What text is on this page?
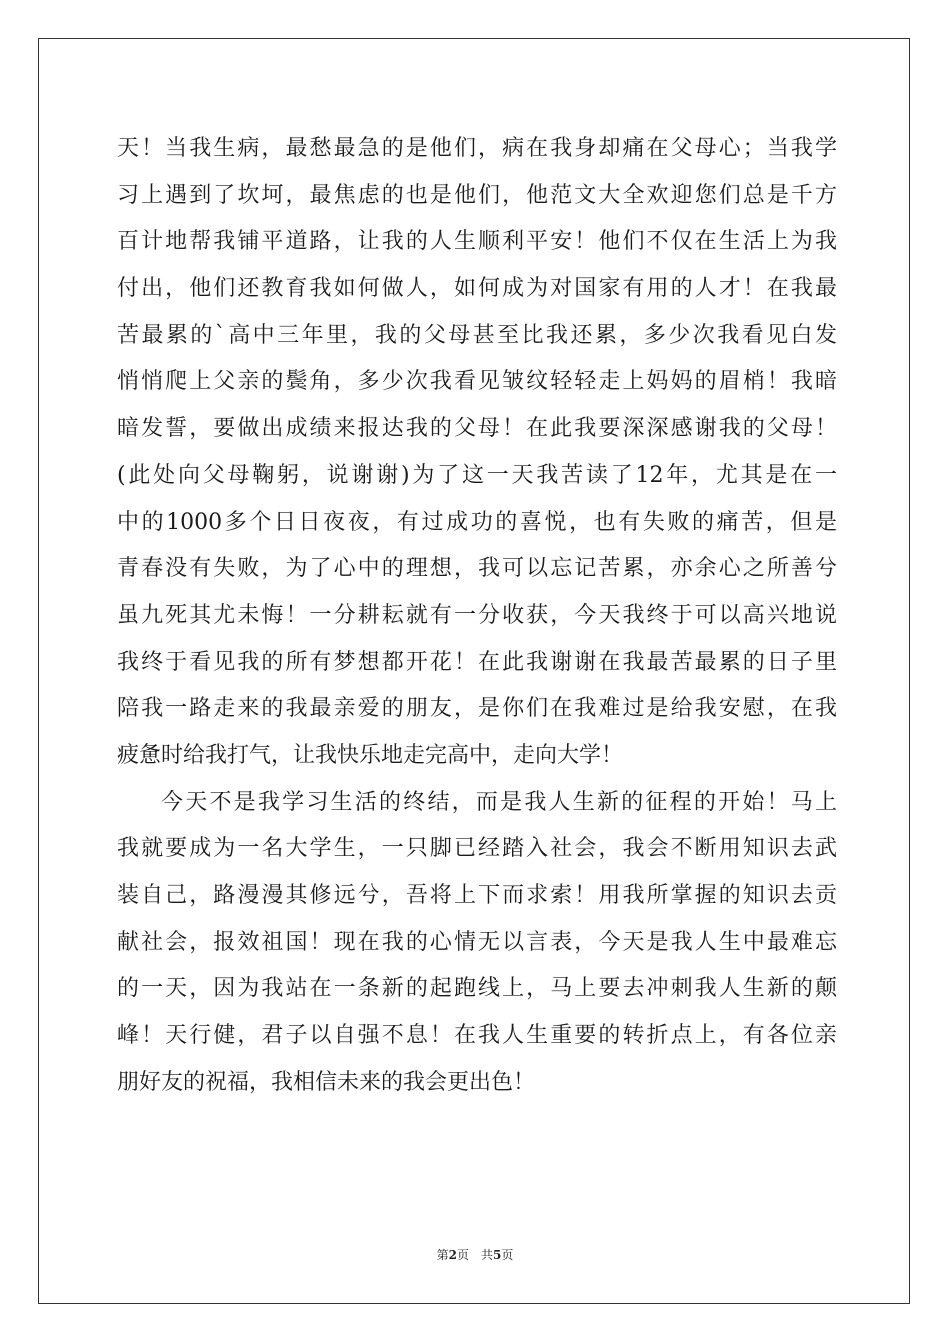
天！当我生病，最愁最急的是他们，病在我身却痛在父母心；当我学
习上遇到了坎坷，最焦虑的也是他们，他范文大全欢迎您们总是千方
百计地帮我铺平道路，让我的人生顺利平安！他们不仅在生活上为我
付出，他们还教育我如何做人，如何成为对国家有用的人才！在我最
苦最累的`高中三年里，我的父母甚至比我还累，多少次我看见白发
悄悄爬上父亲的鬓角，多少次我看见皱纹轻轻走上妈妈的眉梢！我暗
暗发誓，要做出成绩来报达我的父母！在此我要深深感谢我的父母！
(此处向父母鞠躬，说谢谢)为了这一天我苦读了12年，尤其是在一
中的1000多个日日夜夜，有过成功的喜悦，也有失败的痛苦，但是
青春没有失败，为了心中的理想，我可以忘记苦累，亦余心之所善兮
虽九死其尤未悔！一分耕耘就有一分收获，今天我终于可以高兴地说
我终于看见我的所有梦想都开花！在此我谢谢在我最苦最累的日子里
陪我一路走来的我最亲爱的朋友，是你们在我难过是给我安慰，在我
疲惫时给我打气，让我快乐地走完高中，走向大学！
今天不是我学习生活的终结，而是我人生新的征程的开始！马上
我就要成为一名大学生，一只脚已经踏入社会，我会不断用知识去武
装自己，路漫漫其修远兮，吾将上下而求索！用我所掌握的知识去贡
献社会，报效祖国！现在我的心情无以言表，今天是我人生中最难忘
的一天，因为我站在一条新的起跑线上，马上要去冲刺我人生新的颠
峰！天行健，君子以自强不息！在我人生重要的转折点上，有各位亲
朋好友的祝福，我相信未来的我会更出色！
第2页 共5页
